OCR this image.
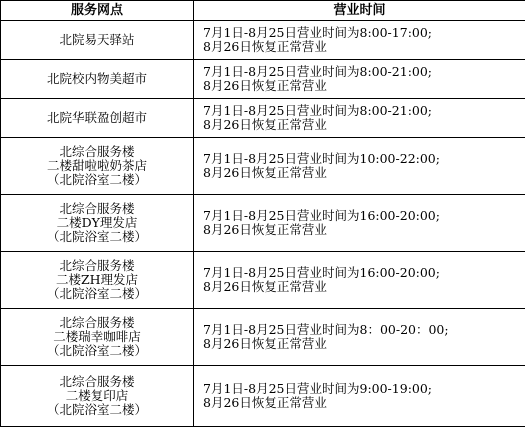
服务网点	营业时间

北院易天驿站	7月1日-8月25日营业时间为8:00-17:00;
8月26日恢复正常营业

北院校内物美超市	7月1日-8月25日营业时间为8:00-21:00;
8月26日恢复正常营业

北院华联盈创超市	7月1日-8月25日营业时间为8:00-21:00;
8月26日恢复正常营业

北综合服务楼
二楼甜啦啦奶茶店
（北院浴室二楼）	7月1日-8月25日营业时间为10:00-22:00;
8月26日恢复正常营业

北综合服务楼
二楼DY理发店
（北院浴室二楼）	7月1日-8月25日营业时间为16:00-20:00;
8月26日恢复正常营业

北综合服务楼
二楼ZH理发店
（北院浴室二楼）	7月1日-8月25日营业时间为16:00-20:00;
8月26日恢复正常营业

北综合服务楼
二楼瑞幸咖啡店
（北院浴室二楼）	7月1日-8月25日营业时间为8：00-20：00;
8月26日恢复正常营业

北综合服务楼
二楼复印店
（北院浴室二楼）	7月1日-8月25日营业时间为9:00-19:00;
8月26日恢复正常营业
